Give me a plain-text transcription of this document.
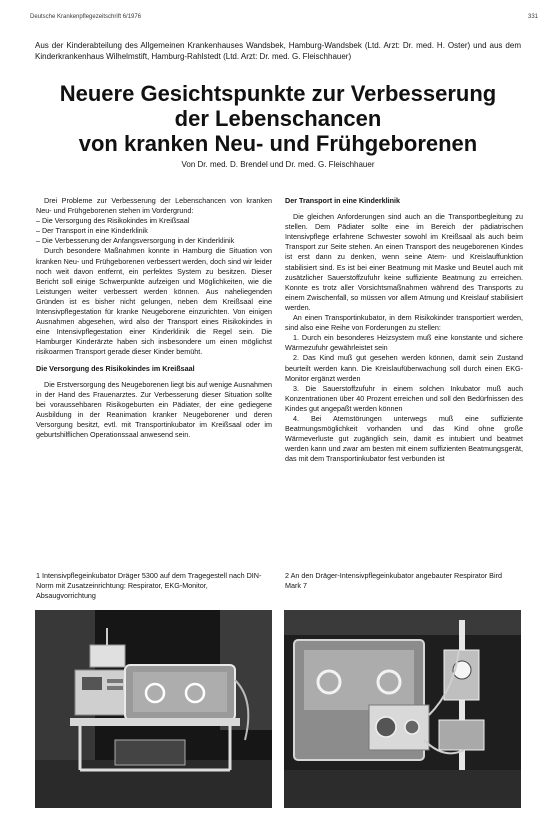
Deutsche Krankenpflegezeitschrift 6/1976	331
Aus der Kinderabteilung des Allgemeinen Krankenhauses Wandsbek, Hamburg-Wandsbek (Ltd. Arzt: Dr. med. H. Oster) und aus dem Kinderkrankenhaus Wilhelmstift, Hamburg-Rahlstedt (Ltd. Arzt: Dr. med. G. Fleischhauer)
Neuere Gesichtspunkte zur Verbesserung
der Lebenschancen
von kranken Neu- und Frühgeborenen
Von Dr. med. D. Brendel und Dr. med. G. Fleischhauer

Drei Probleme zur Verbesserung der Lebenschancen von kranken Neu- und Frühgeborenen stehen im Vordergrund:

– Die Versorgung des Risikokindes im Kreißsaal

– Der Transport in eine Kinderklinik

– Die Verbesserung der Anfangsversorgung in der Kinderklinik

Durch besondere Maßnahmen konnte in Hamburg die Situation von kranken Neu- und Frühgeborenen verbessert werden, doch sind wir leider noch weit davon entfernt, ein perfektes System zu besitzen. Dieser Bericht soll einige Schwerpunkte aufzeigen und Möglichkeiten, wie die Leistungen weiter verbessert werden können. Aus naheliegenden Gründen ist es bisher nicht gelungen, neben dem Kreißsaal eine Intensivpflegestation für kranke Neugeborene einzurichten. Von einigen Ausnahmen abgesehen, wird also der Transport eines Risikokindes in eine Intensivpflegestation einer Kinderklinik die Regel sein. Die Hamburger Kinderärzte haben sich insbesondere um einen möglichst risikoarmen Transport gerade dieser Kinder bemüht.

Die Versorgung des Risikokindes im Kreißsaal

Die Erstversorgung des Neugeborenen liegt bis auf wenige Ausnahmen in der Hand des Frauenarztes. Zur Verbesserung dieser Situation sollte bei voraussehbaren Risikogeburten ein Pädiater, der eine gediegene Ausbildung in der Reanimation kranker Neugeborener und deren Versorgung besitzt, evtl. mit Transportinkubator im Kreißsaal oder im geburtshilflichen Operationssaal anwesend sein.

Der Transport in eine Kinderklinik

Die gleichen Anforderungen sind auch an die Transportbegleitung zu stellen. Dem Pädiater sollte eine im Bereich der pädiatrischen Intensivpflege erfahrene Schwester sowohl im Kreißsaal als auch beim Transport zur Seite stehen. An einen Transport des neugeborenen Kindes ist erst dann zu denken, wenn seine Atem- und Kreislauffunktion stabilisiert sind. Es ist bei einer Beatmung mit Maske und Beutel auch mit zusätzlicher Sauerstoffzufuhr keine suffiziente Beatmung zu erreichen. Konnte es trotz aller Vorsichtsmaßnahmen während des Transports zu einem Zwischenfall, so müssen vor allem Atmung und Kreislauf stabilisiert werden.

An einen Transportinkubator, in dem Risikokinder transportiert werden, sind also eine Reihe von Forderungen zu stellen:

1. Durch ein besonderes Heizsystem muß eine konstante und sichere Wärmezufuhr gewährleistet sein

2. Das Kind muß gut gesehen werden können, damit sein Zustand beurteilt werden kann. Die Kreislaufüberwachung soll durch einen EKG-Monitor ergänzt werden

3. Die Sauerstoffzufuhr in einem solchen Inkubator muß auch Konzentrationen über 40 Prozent erreichen und soll den Bedürfnissen des Kindes gut angepaßt werden können

4. Bei Atemstörungen unterwegs muß eine suffiziente Beatmungsmöglichkeit vorhanden und das Kind ohne große Wärmeverluste gut zugänglich sein, damit es intubiert und beatmet werden kann und zwar am besten mit einem suffizienten Beatmungsgerät, das mit dem Transportinkubator fest verbunden ist

1 Intensivpflegeinkubator Dräger 5300 auf dem Tragegestell nach DIN-Norm mit Zusatzeinrichtung: Respirator, EKG-Monitor, Absaugvorrichtung
2 An den Dräger-Intensivpflegeinkubator angebauter Respirator Bird Mark 7
